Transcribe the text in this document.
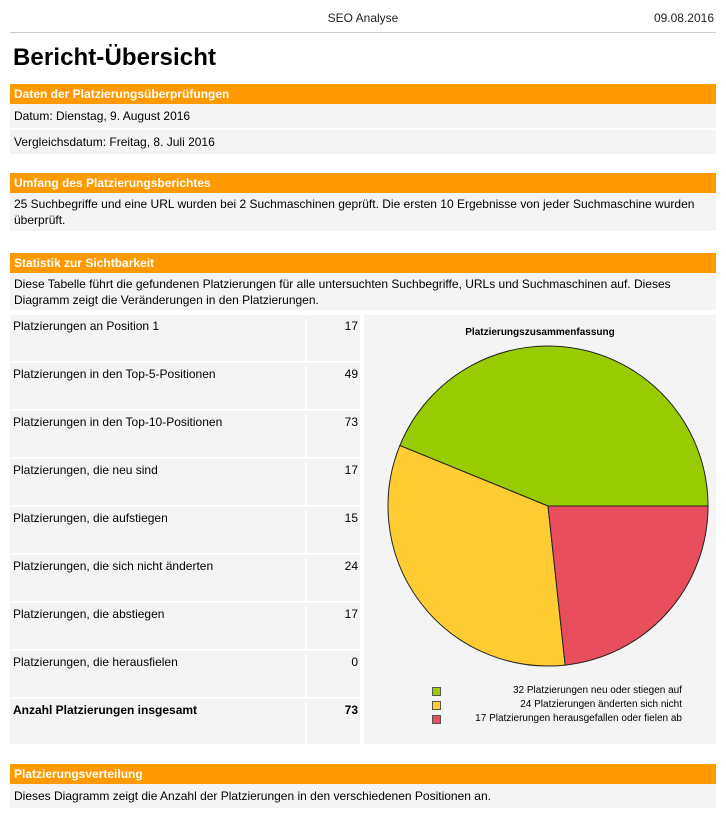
SEO Analyse	09.08.2016
Bericht-Übersicht
Daten der Platzierungsüberprüfungen
Datum: Dienstag, 9. August 2016
Vergleichsdatum: Freitag, 8. Juli 2016
Umfang des Platzierungsberichtes
25 Suchbegriffe und eine URL wurden bei 2 Suchmaschinen geprüft. Die ersten 10 Ergebnisse von jeder Suchmaschine wurden überprüft.
Statistik zur Sichtbarkeit
Diese Tabelle führt die gefundenen Platzierungen für alle untersuchten Suchbegriffe, URLs und Suchmaschinen auf. Dieses Diagramm zeigt die Veränderungen in den Platzierungen.
Platzierungen an Position 1	17
Platzierungen in den Top-5-Positionen	49
Platzierungen in den Top-10-Positionen	73
Platzierungen, die neu sind	17
Platzierungen, die aufstiegen	15
Platzierungen, die sich nicht änderten	24
Platzierungen, die abstiegen	17
Platzierungen, die herausfielen	0
Anzahl Platzierungen insgesamt	73
Platzierungszusammenfassung
32 Platzierungen neu oder stiegen auf
24 Platzierungen änderten sich nicht
17 Platzierungen herausgefallen oder fielen ab
Platzierungsverteilung
Dieses Diagramm zeigt die Anzahl der Platzierungen in den verschiedenen Positionen an.
